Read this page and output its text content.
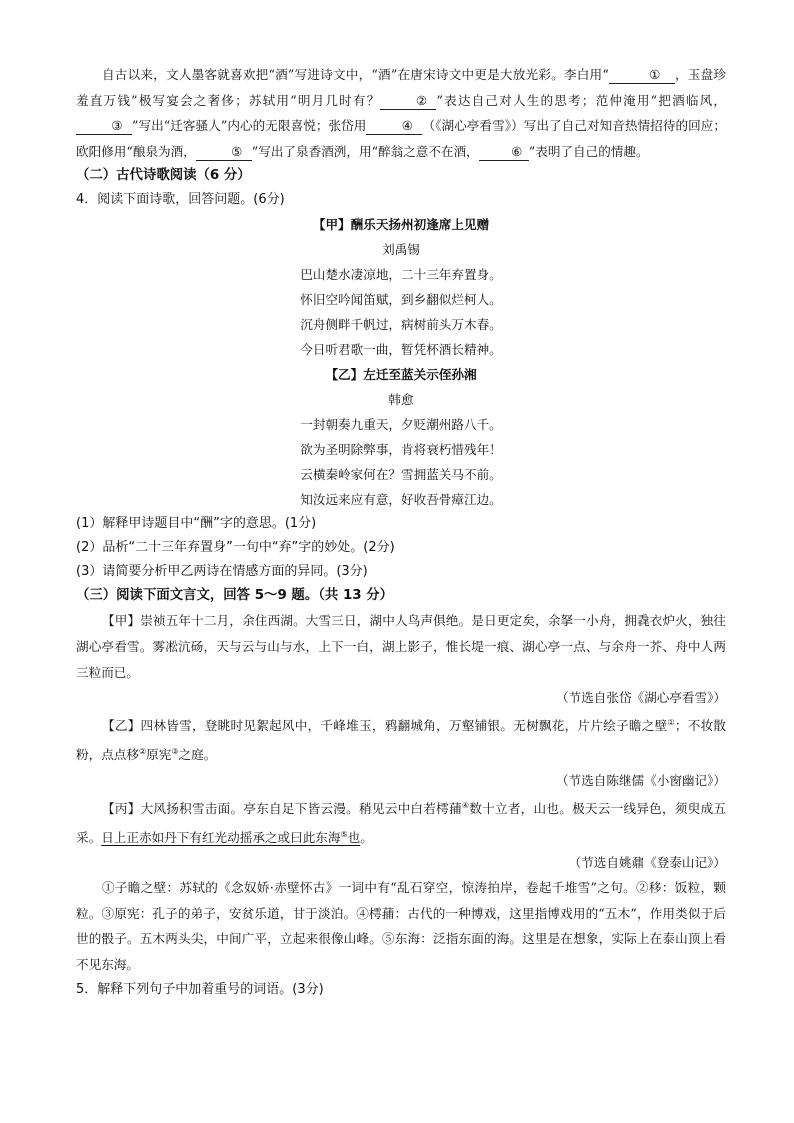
自古以来，文人墨客就喜欢把“酒”写进诗文中，“酒”在唐宋诗文中更是大放光彩。李白用“	① ，玉盘珍羞直万钱”极写宴会之奢侈；苏轼用“明月几时有？	② ”表达自己对人生的思考；范仲淹用“把酒临风，③ ”写出“迁客骚人”内心的无限喜悦；张岱用	④ （《湖心亭看雪》）写出了自己对知音热情招待的回应；欧阳修用“酿泉为酒，	⑤ ”写出了泉香酒洌，用“醉翁之意不在酒，	⑥ ”表明了自己的情趣。

（二）古代诗歌阅读（6 分）

4．阅读下面诗歌，回答问题。(6分)

【甲】酬乐天扬州初逢席上见赠

刘禹锡

巴山楚水凄凉地，二十三年弃置身。

怀旧空吟闻笛赋，到乡翻似烂柯人。

沉舟侧畔千帆过，病树前头万木春。

今日听君歌一曲，暂凭杯酒长精神。

【乙】左迁至蓝关示侄孙湘

韩愈

一封朝奏九重天，夕贬潮州路八千。

欲为圣明除弊事，肯将衰朽惜残年！

云横秦岭家何在？雪拥蓝关马不前。

知汝远来应有意，好收吾骨瘴江边。

(1）解释甲诗题目中“酬”字的意思。(1分)

(2）品析“二十三年弃置身”一句中“弃”字的妙处。(2分)

(3）请简要分析甲乙两诗在情感方面的异同。(3分)

（三）阅读下面文言文，回答 5～9 题。（共 13 分）

【甲】崇祯五年十二月，余住西湖。大雪三日，湖中人鸟声俱绝。是日更定矣，余拏一小舟，拥毳衣炉火，独往湖心亭看雪。雾凇沆砀，天与云与山与水，上下一白，湖上影子，惟长堤一痕、湖心亭一点、与余舟一芥、舟中人两三粒而已。

（节选自张岱《湖心亭看雪》）

【乙】四林皆雪，登眺时见絮起风中，千峰堆玉，鸦翻城角，万壑铺银。无树飘花，片片绘子瞻之壁①；不妆散粉，点点移②原宪③之庭。

（节选自陈继儒《小窗幽记》）

【丙】大风扬积雪击面。亭东自足下皆云漫。稍见云中白若樗蒱④数十立者，山也。极天云一线异色，须臾成五采。日上正赤如丹下有红光动摇承之或曰此东海⑤也。

（节选自姚鼐《登泰山记》）

①子瞻之壁：苏轼的《念奴娇·赤壁怀古》一词中有“乱石穿空，惊涛拍岸，卷起千堆雪”之句。②移：饭粒，颗粒。③原宪：孔子的弟子，安贫乐道，甘于淡泊。④樗蒱：古代的一种博戏，这里指博戏用的“五木”，作用类似于后世的骰子。五木两头尖，中间广平，立起来很像山峰。⑤东海：泛指东面的海。这里是在想象，实际上在泰山顶上看不见东海。

5．解释下列句子中加着重号的词语。(3分)
